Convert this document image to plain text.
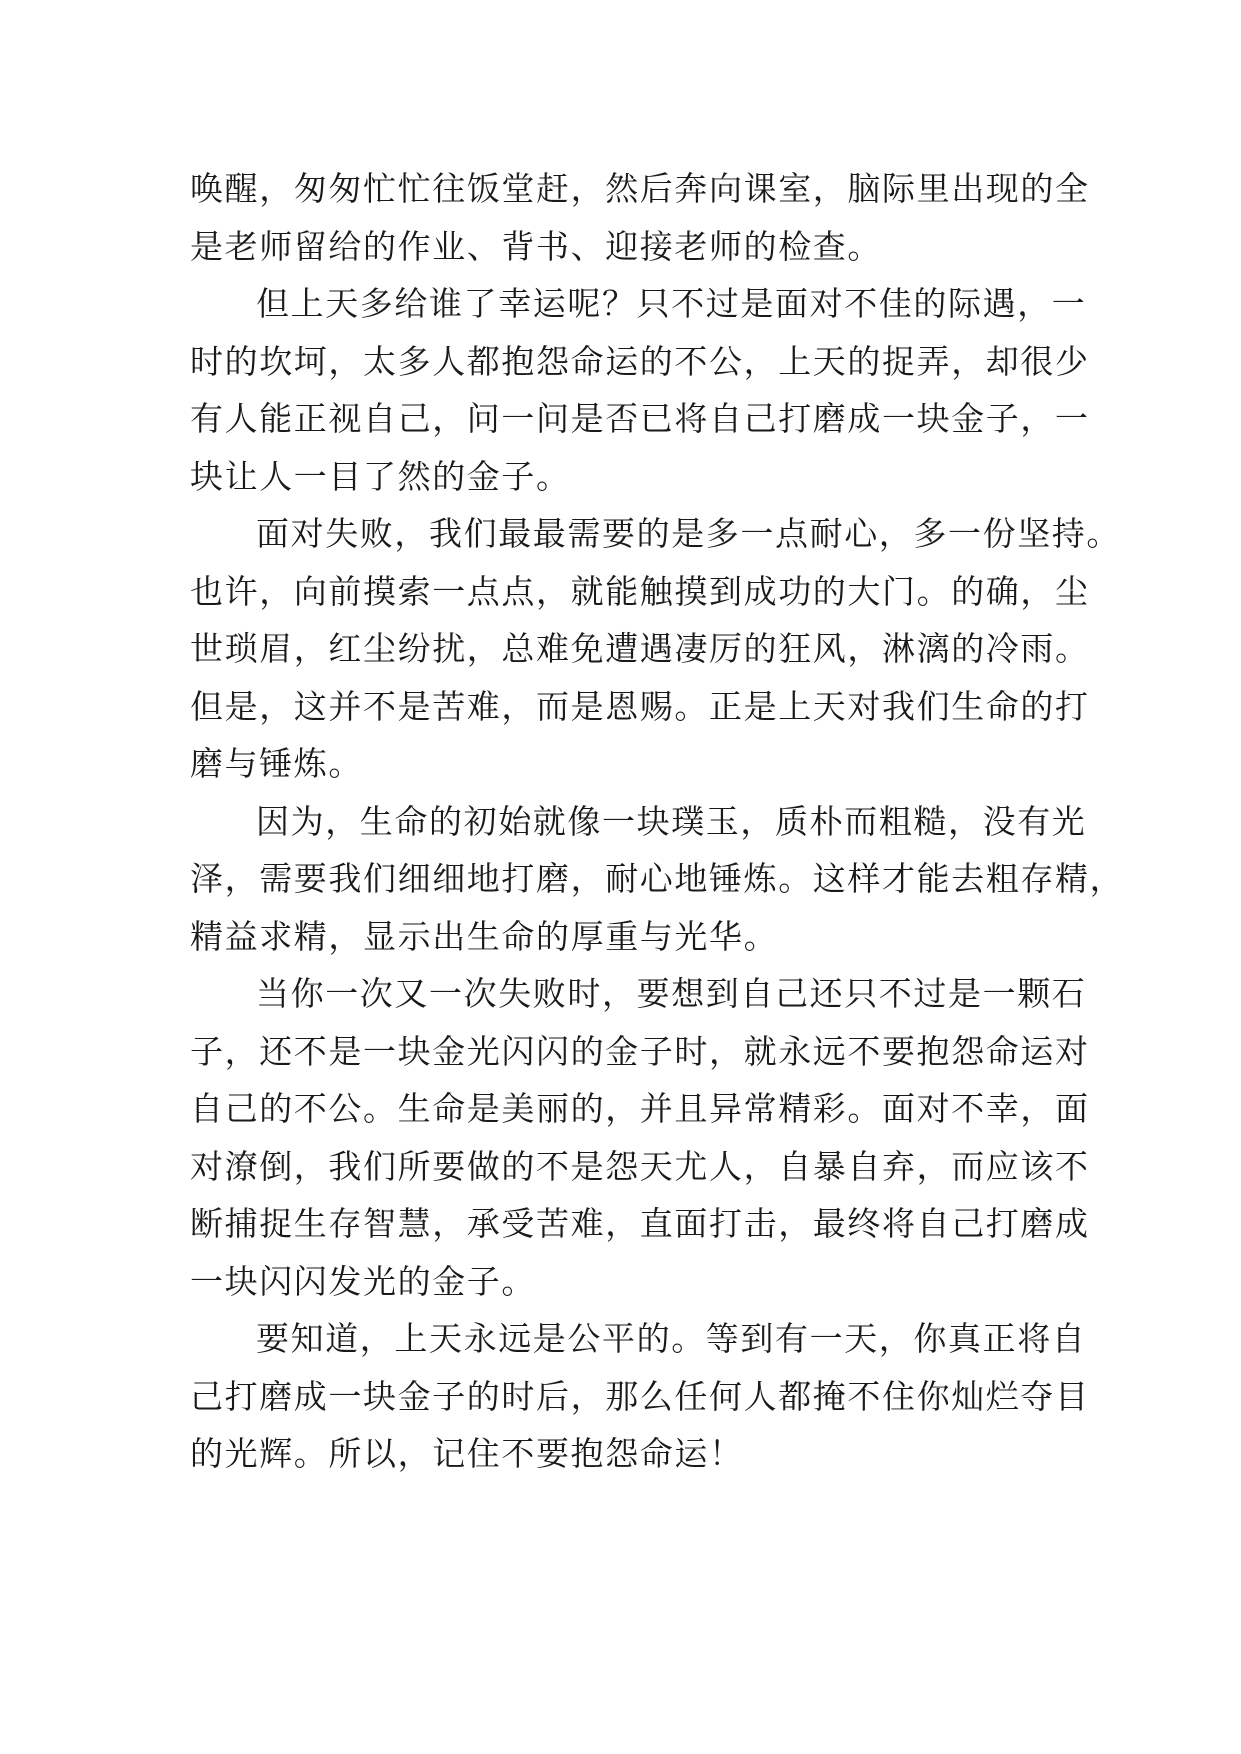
唤醒，匆匆忙忙往饭堂赶，然后奔向课室，脑际里出现的全
是老师留给的作业、背书、迎接老师的检查。
但上天多给谁了幸运呢？只不过是面对不佳的际遇，一
时的坎坷，太多人都抱怨命运的不公，上天的捉弄，却很少
有人能正视自己，问一问是否已将自己打磨成一块金子，一
块让人一目了然的金子。
面对失败，我们最最需要的是多一点耐心，多一份坚持。
也许，向前摸索一点点，就能触摸到成功的大门。的确，尘
世琐眉，红尘纷扰，总难免遭遇凄厉的狂风，淋漓的冷雨。
但是，这并不是苦难，而是恩赐。正是上天对我们生命的打
磨与锤炼。
因为，生命的初始就像一块璞玉，质朴而粗糙，没有光
泽，需要我们细细地打磨，耐心地锤炼。这样才能去粗存精，
精益求精，显示出生命的厚重与光华。
当你一次又一次失败时，要想到自己还只不过是一颗石
子，还不是一块金光闪闪的金子时，就永远不要抱怨命运对
自己的不公。生命是美丽的，并且异常精彩。面对不幸，面
对潦倒，我们所要做的不是怨天尤人，自暴自弃，而应该不
断捕捉生存智慧，承受苦难，直面打击，最终将自己打磨成
一块闪闪发光的金子。
要知道，上天永远是公平的。等到有一天，你真正将自
己打磨成一块金子的时后，那么任何人都掩不住你灿烂夺目
的光辉。所以，记住不要抱怨命运！
